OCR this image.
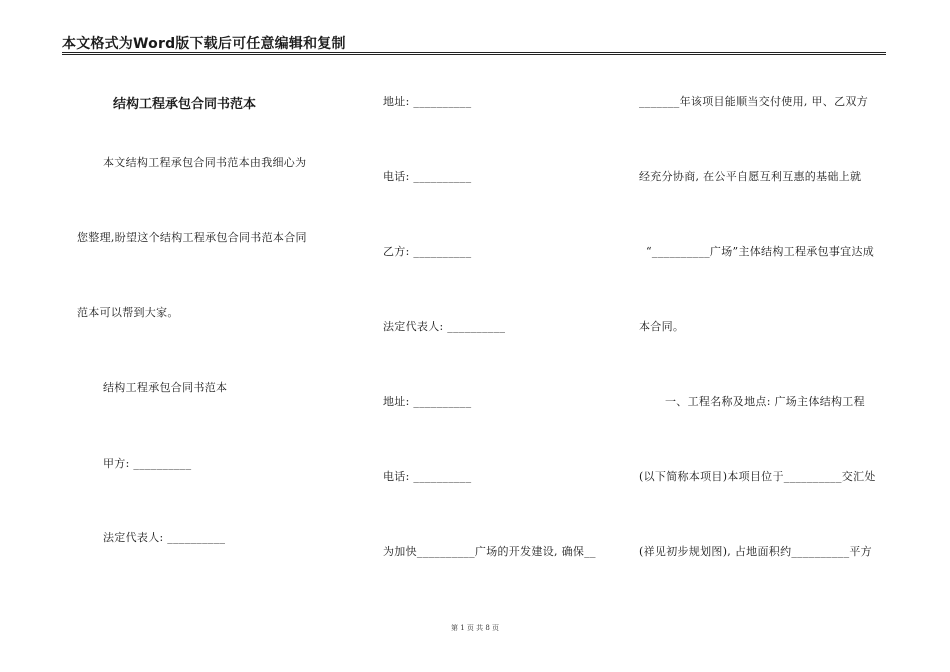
本文格式为Word版下载后可任意编辑和复制
结构工程承包合同书范本
本文结构工程承包合同书范本由我细心为
您整理,盼望这个结构工程承包合同书范本合同
范本可以帮到大家。
结构工程承包合同书范本
甲方: __________
法定代表人: __________
地址: __________
电话: __________
乙方: __________
法定代表人: __________
地址: __________
电话: __________
为加快__________广场的开发建设, 确保__
_______年该项目能顺当交付使用, 甲、乙双方
经充分协商, 在公平自愿互利互惠的基础上就
“__________广场”主体结构工程承包事宜达成
本合同。
一、工程名称及地点: 广场主体结构工程
(以下简称本项目)本项目位于__________交汇处
(祥见初步规划图), 占地面积约__________平方
第 1 页 共 8 页
